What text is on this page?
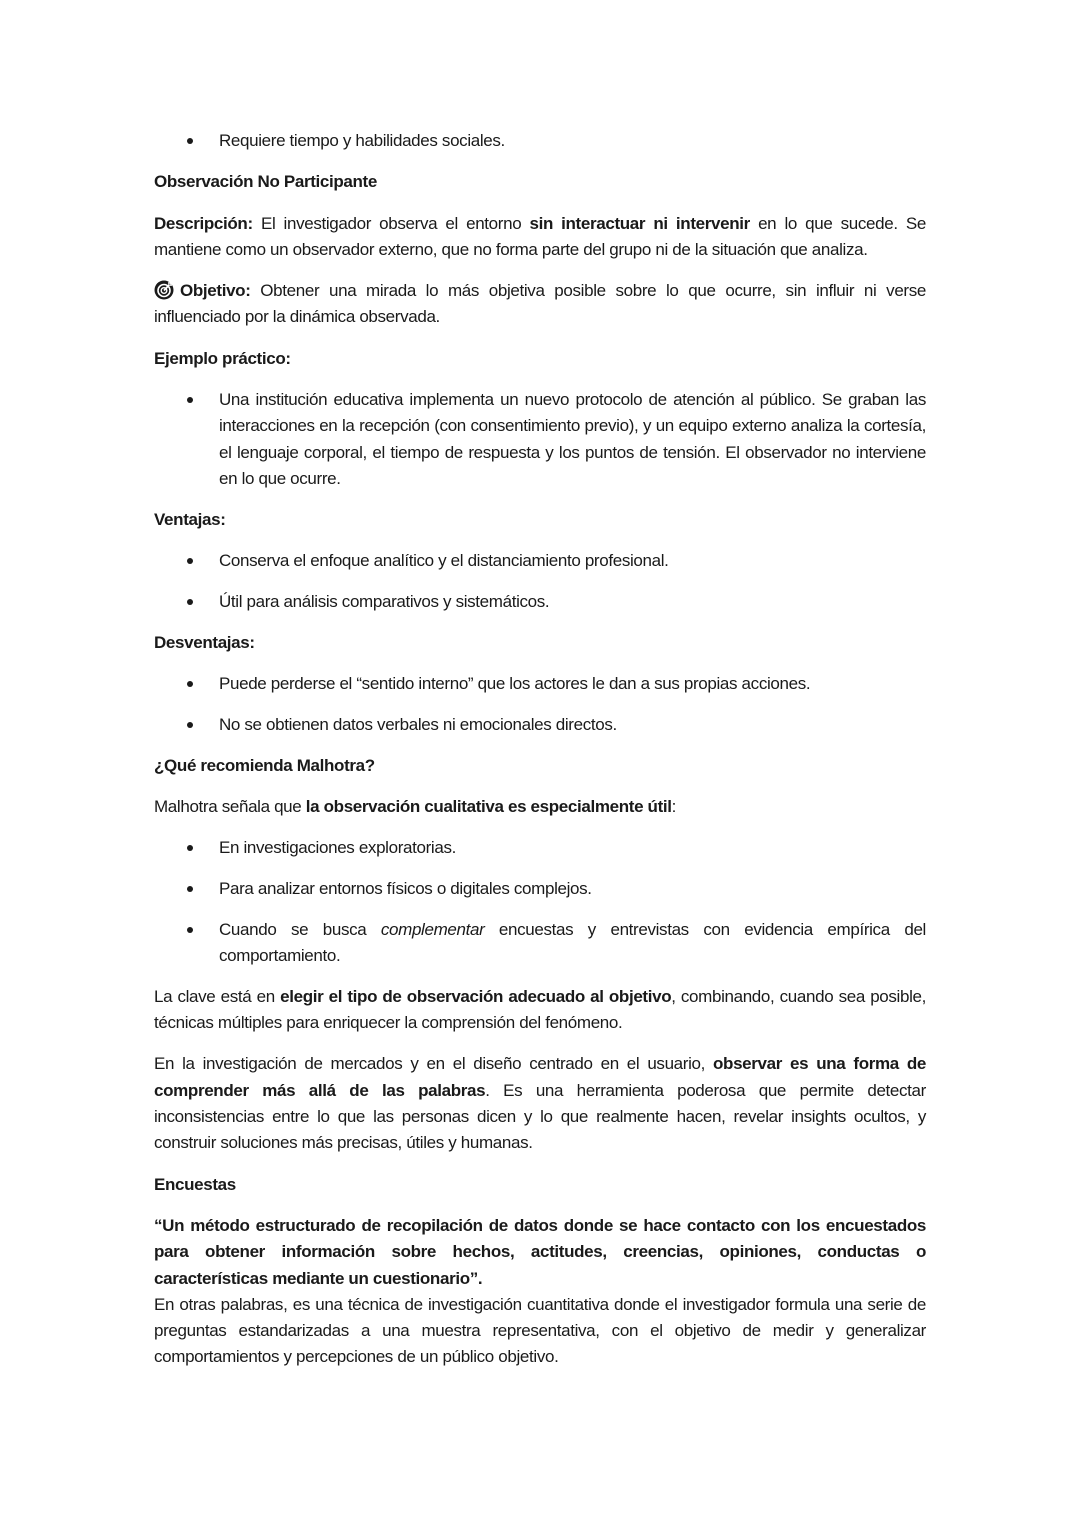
Requiere tiempo y habilidades sociales.

Observación No Participante

Descripción: El investigador observa el entorno sin interactuar ni intervenir en lo que sucede. Se mantiene como un observador externo, que no forma parte del grupo ni de la situación que analiza.

Objetivo: Obtener una mirada lo más objetiva posible sobre lo que ocurre, sin influir ni verse influenciado por la dinámica observada.

Ejemplo práctico:

Una institución educativa implementa un nuevo protocolo de atención al público. Se graban las interacciones en la recepción (con consentimiento previo), y un equipo externo analiza la cortesía, el lenguaje corporal, el tiempo de respuesta y los puntos de tensión. El observador no interviene en lo que ocurre.

Ventajas:

Conserva el enfoque analítico y el distanciamiento profesional.
Útil para análisis comparativos y sistemáticos.

Desventajas:

Puede perderse el “sentido interno” que los actores le dan a sus propias acciones.
No se obtienen datos verbales ni emocionales directos.

¿Qué recomienda Malhotra?

Malhotra señala que la observación cualitativa es especialmente útil:

En investigaciones exploratorias.
Para analizar entornos físicos o digitales complejos.
Cuando se busca complementar encuestas y entrevistas con evidencia empírica del comportamiento.

La clave está en elegir el tipo de observación adecuado al objetivo, combinando, cuando sea posible, técnicas múltiples para enriquecer la comprensión del fenómeno.

En la investigación de mercados y en el diseño centrado en el usuario, observar es una forma de comprender más allá de las palabras. Es una herramienta poderosa que permite detectar inconsistencias entre lo que las personas dicen y lo que realmente hacen, revelar insights ocultos, y construir soluciones más precisas, útiles y humanas.

Encuestas

“Un método estructurado de recopilación de datos donde se hace contacto con los encuestados para obtener información sobre hechos, actitudes, creencias, opiniones, conductas o características mediante un cuestionario”.

En otras palabras, es una técnica de investigación cuantitativa donde el investigador formula una serie de preguntas estandarizadas a una muestra representativa, con el objetivo de medir y generalizar comportamientos y percepciones de un público objetivo.
